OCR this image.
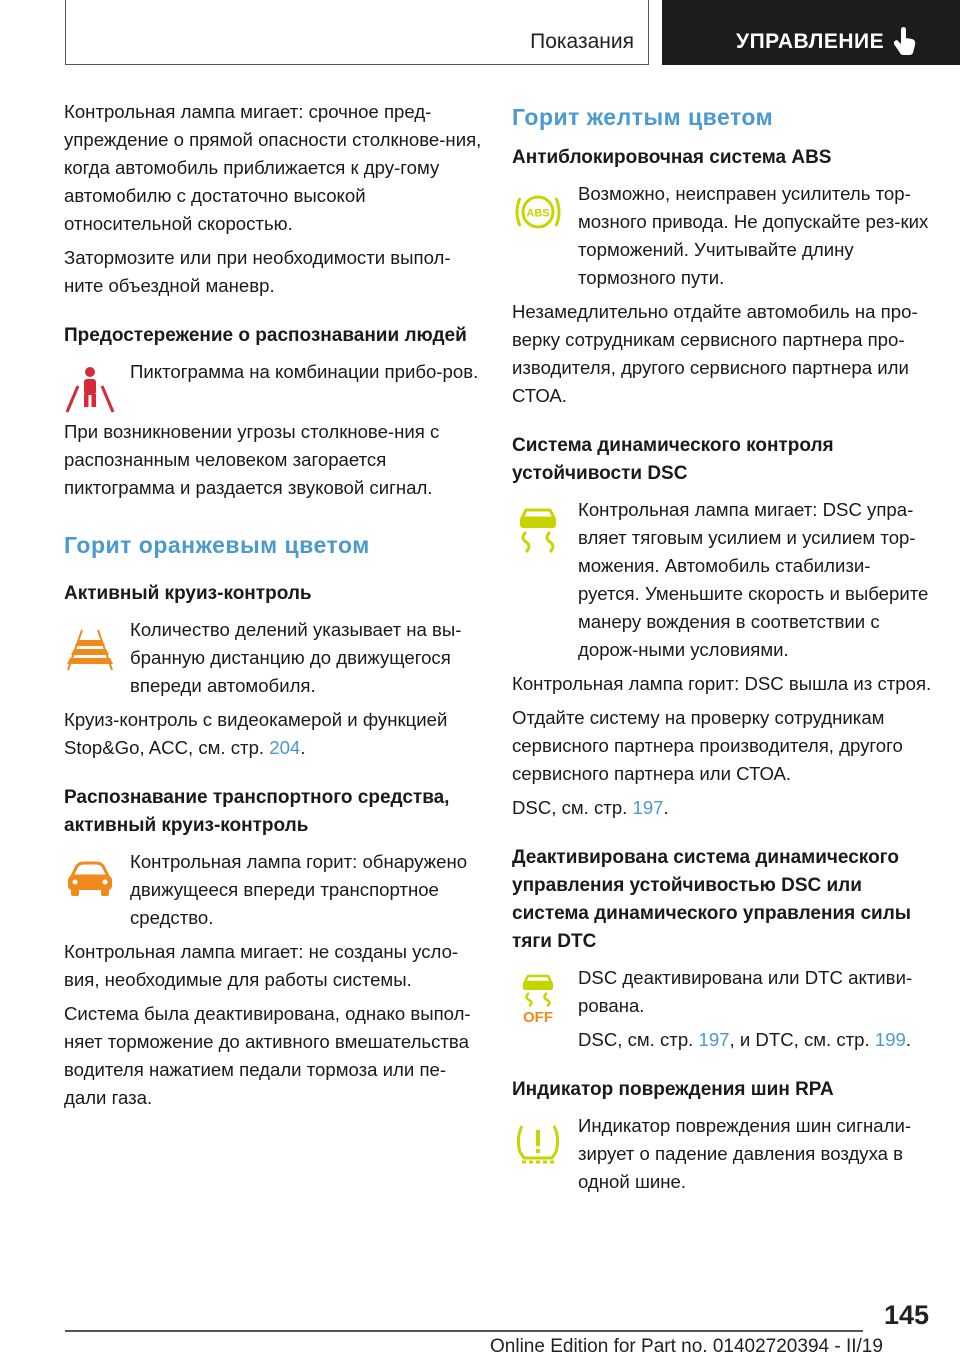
Показания	УПРАВЛЕНИЕ

Контрольная лампа мигает: срочное пред-упреждение о прямой опасности столкнове-ния, когда автомобиль приближается к дру-гому автомобилю с достаточно высокой относительной скоростью.

Затормозите или при необходимости выпол-ните объездной маневр.

Предостережение о распознавании людей

Пиктограмма на комбинации прибо-ров.

При возникновении угрозы столкнове-ния с распознанным человеком загорается пиктограмма и раздается звуковой сигнал.

Горит оранжевым цветом
Активный круиз-контроль

Количество делений указывает на вы-бранную дистанцию до движущегося впереди автомобиля.

Круиз-контроль с видеокамерой и функцией Stop&Go, ACC, см. стр. 204.

Распознавание транспортного средства, активный круиз-контроль

Контрольная лампа горит: обнаружено движущееся впереди транспортное средство.

Контрольная лампа мигает: не созданы усло-вия, необходимые для работы системы.

Система была деактивирована, однако выпол-няет торможение до активного вмешательства водителя нажатием педали тормоза или пе-дали газа.

Горит желтым цветом
Антиблокировочная система ABS
ABS

Возможно, неисправен усилитель тор-мозного привода. Не допускайте рез-ких торможений. Учитывайте длину тормозного пути.

Незамедлительно отдайте автомобиль на про-верку сотрудникам сервисного партнера про-изводителя, другого сервисного партнера или СТОА.

Система динамического контроля устойчивости DSC

Контрольная лампа мигает: DSC упра-вляет тяговым усилием и усилием тор-можения. Автомобиль стабилизи-руется. Уменьшите скорость и выберите манеру вождения в соответствии с дорож-ными условиями.

Контрольная лампа горит: DSC вышла из строя.

Отдайте систему на проверку сотрудникам сервисного партнера производителя, другого сервисного партнера или СТОА.

DSC, см. стр. 197.

Деактивирована система динамического управления устойчивостью DSC или система динамического управления силы тяги DTC
OFF

DSC деактивирована или DTC активи-рована.

DSC, см. стр. 197, и DTC, см. стр. 199.

Индикатор повреждения шин RPA

Индикатор повреждения шин сигнали-зирует о падение давления воздуха в одной шине.

145
Online Edition for Part no. 01402720394 - II/19
